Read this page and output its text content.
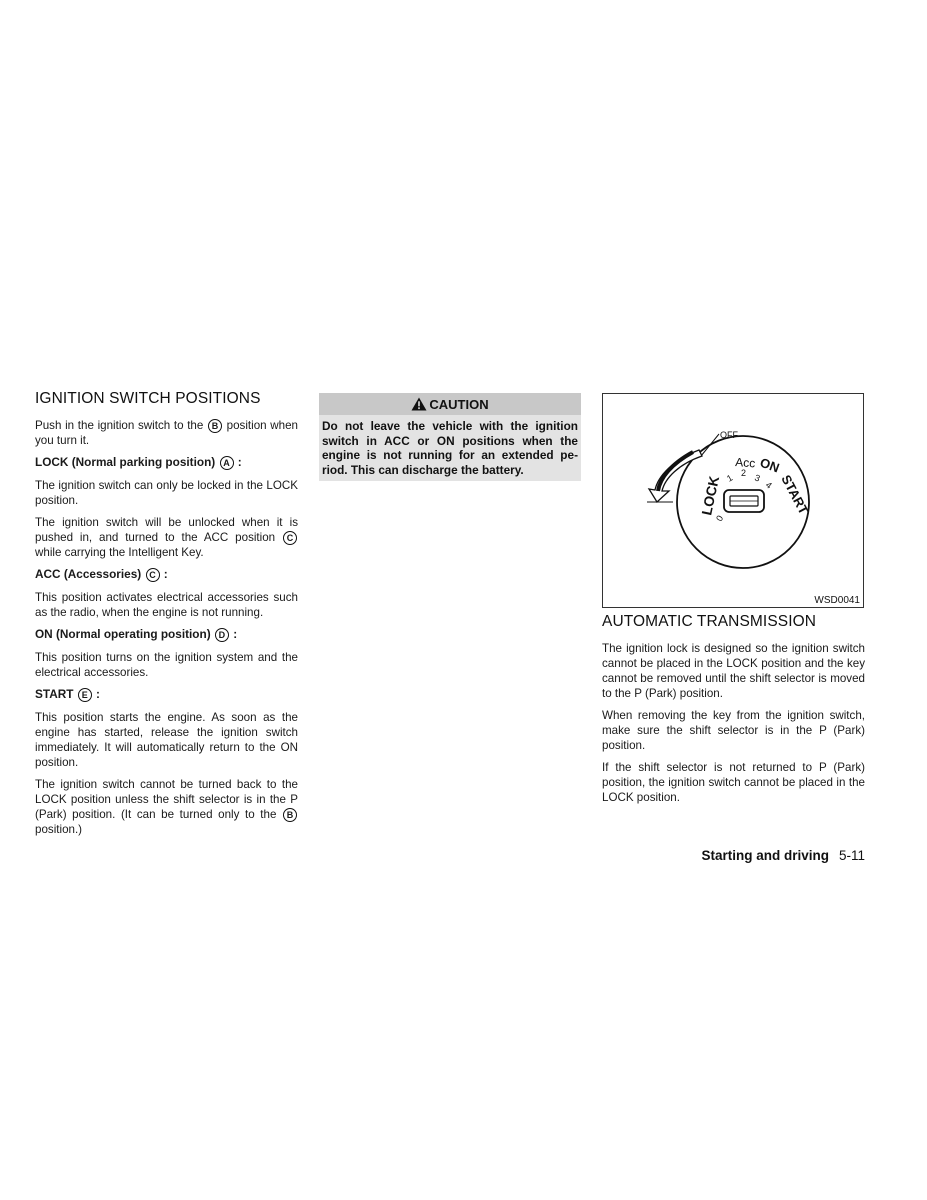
IGNITION SWITCH POSITIONS

Push in the ignition switch to the B position when you turn it.

LOCK (Normal parking position) A :

The ignition switch can only be locked in the LOCK position.

The ignition switch will be unlocked when it is pushed in, and turned to the ACC position C while carrying the Intelligent Key.

ACC (Accessories) C :

This position activates electrical accessories such as the radio, when the engine is not running.

ON (Normal operating position) D :

This position turns on the ignition system and the electrical accessories.

START E :

This position starts the engine. As soon as the engine has started, release the ignition switch immediately. It will automatically return to the ON position.

The ignition switch cannot be turned back to the LOCK position unless the shift selector is in the P (Park) position. (It can be turned only to the B position.)

CAUTION
Do not leave the vehicle with the ignition switch in ACC or ON positions when the engine is not running for an extended pe-riod. This can discharge the battery.
OFF
LOCK
Acc ON
START
0
1 2 3
4
WSD0041
AUTOMATIC TRANSMISSION

The ignition lock is designed so the ignition switch cannot be placed in the LOCK position and the key cannot be removed until the shift selector is moved to the P (Park) position.

When removing the key from the ignition switch, make sure the shift selector is in the P (Park) position.

If the shift selector is not returned to P (Park) position, the ignition switch cannot be placed in the LOCK position.

Starting and driving 5-11
